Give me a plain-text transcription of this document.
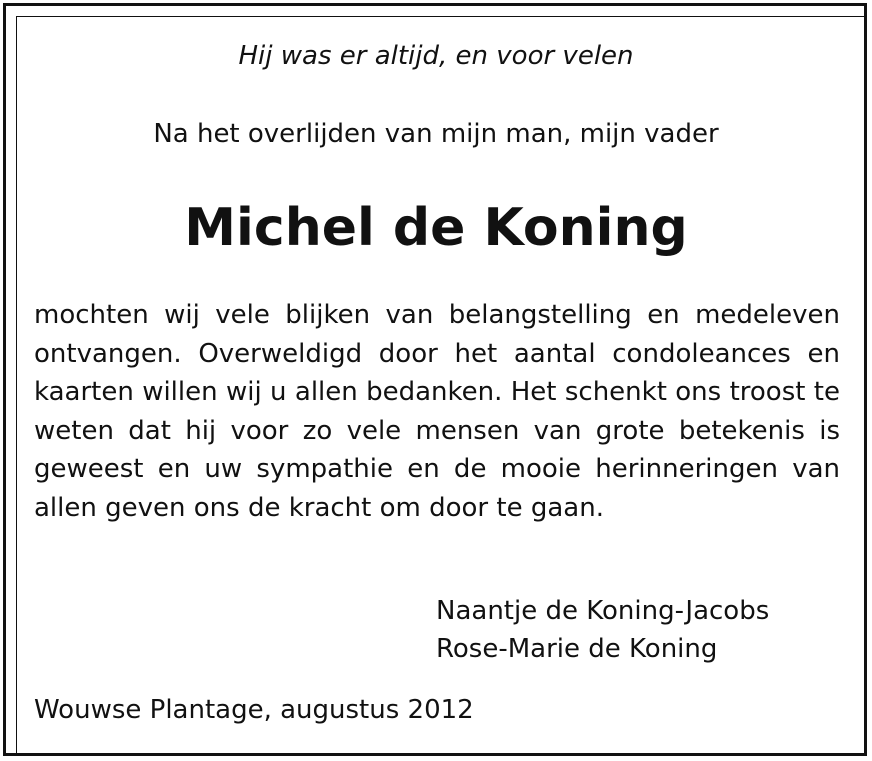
Hij was er altijd, en voor velen

Na het overlijden van mijn man, mijn vader

Michel de Koning

mochten wij vele blijken van belangstelling en medeleven ontvangen. Overweldigd door het aantal condoleances en kaarten willen wij u allen bedanken. Het schenkt ons troost te weten dat hij voor zo vele mensen van grote betekenis is geweest en uw sympathie en de mooie herinneringen van allen geven ons de kracht om door te gaan.

Naantje de Koning-Jacobs
Rose-Marie de Koning

Wouwse Plantage, augustus 2012
